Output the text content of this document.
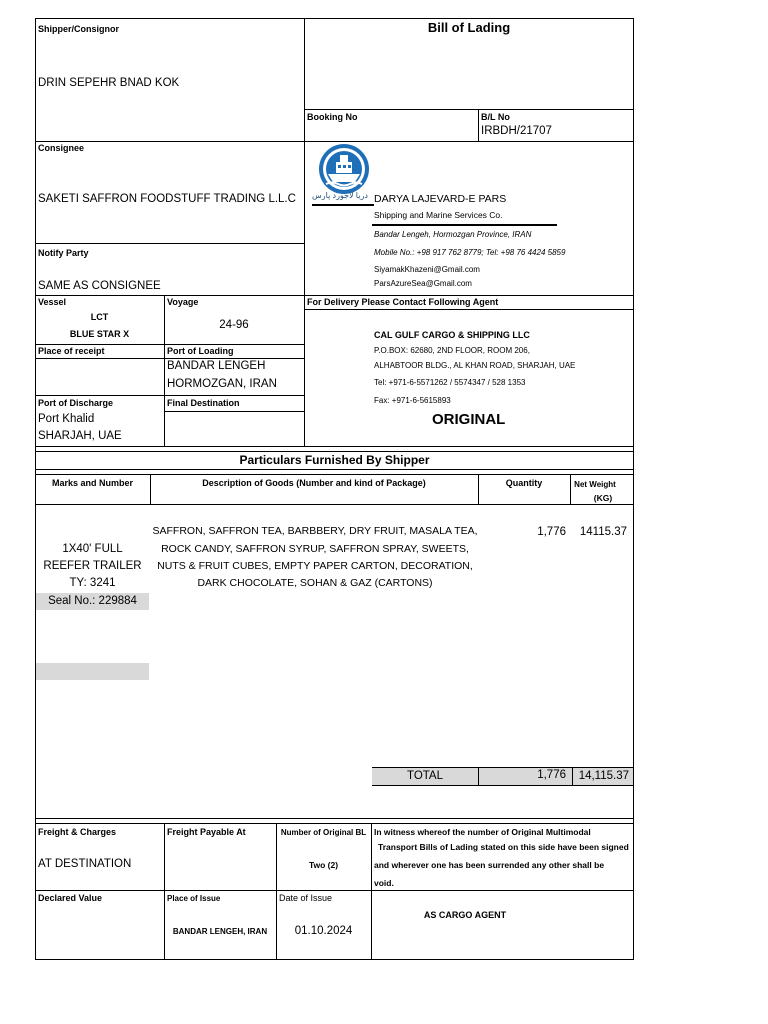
Shipper/Consignor
DRIN SEPEHR BNAD KOK
Bill of Lading
Booking No	B/L No
IRBDH/21707
Consignee
SAKETI SAFFRON FOODSTUFF TRADING L.L.C
Notify Party
SAME AS CONSIGNEE
دریا لاجورد پارس DARYA LAJEVARD-E PARS
Shipping and Marine Services Co.
Bandar Lengeh, Hormozgan Province, IRAN
Mobile No.: +98 917 762 8779; Tel: +98 76 4424 5859
SiyamakKhazeni@Gmail.com
ParsAzureSea@Gmail.com
Vessel
LCT
BLUE STAR X
Voyage
24-96
For Delivery Please Contact Following Agent
CAL GULF CARGO & SHIPPING LLC
P.O.BOX: 62680, 2ND FLOOR, ROOM 206,
ALHABTOOR BLDG., AL KHAN ROAD, SHARJAH, UAE
Tel: +971-6-5571262 / 5574347 / 528 1353
Fax: +971-6-5615893
ORIGINAL
Place of receipt	Port of Loading
BANDAR LENGEH
HORMOZGAN, IRAN
Port of Discharge
Port Khalid
SHARJAH, UAE
Final Destination
Particulars Furnished By Shipper
Marks and Number	Description of Goods (Number and kind of Package)	Quantity	Net Weight
(KG)
1X40' FULL
REEFER TRAILER
TY: 3241
Seal No.: 229884
SAFFRON, SAFFRON TEA, BARBBERY, DRY FRUIT, MASALA TEA,
ROCK CANDY, SAFFRON SYRUP, SAFFRON SPRAY, SWEETS,
NUTS & FRUIT CUBES, EMPTY PAPER CARTON, DECORATION,
DARK CHOCOLATE, SOHAN & GAZ (CARTONS)
1,776	14115.37
TOTAL	1,776	14,115.37
Freight & Charges
AT DESTINATION
Freight Payable At	Number of Original BL
Two (2)
In witness whereof the number of Original Multimodal
Transport Bills of Lading stated on this side have been signed
and wherever one has been surrended any other shall be
void.
Declared Value	Place of Issue
BANDAR LENGEH, IRAN
Date of Issue
01.10.2024
AS CARGO AGENT
